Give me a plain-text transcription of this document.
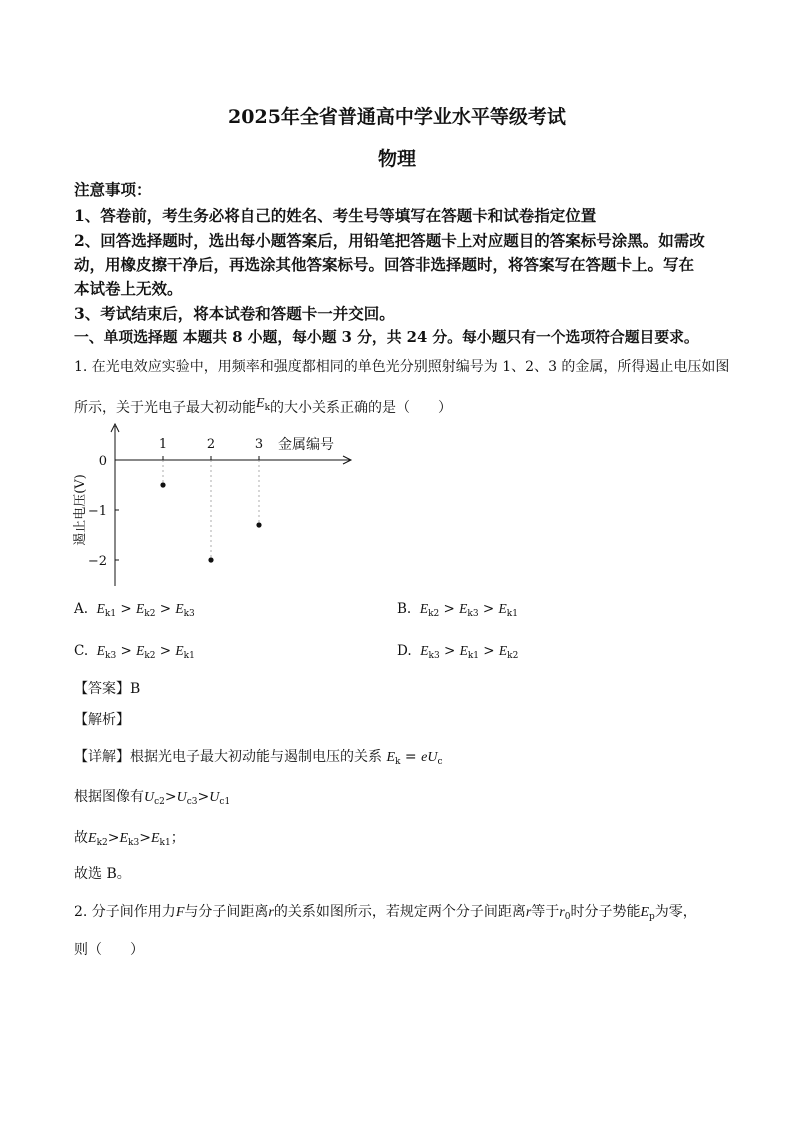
2025年全省普通高中学业水平等级考试
物理
注意事项：
1、答卷前，考生务必将自己的姓名、考生号等填写在答题卡和试卷指定位置
2、回答选择题时，选出每小题答案后，用铅笔把答题卡上对应题目的答案标号涂黑。如需改
动，用橡皮擦干净后，再选涂其他答案标号。回答非选择题时，将答案写在答题卡上。写在
本试卷上无效。
3、考试结束后，将本试卷和答题卡一并交回。
一、单项选择题 本题共 8 小题，每小题 3 分，共 24 分。每小题只有一个选项符合题目要求。
1. 在光电效应实验中，用频率和强度都相同的单色光分别照射编号为 1、2、3 的金属，所得遏止电压如图
所示，关于光电子最大初动能$E^k$的大小关系正确的是（　　）
1	2	3
0
−1
−2
金属编号
遏止电压(V)
A. $E_{k1} > E_{k2} > E_{k3}$	B. $E_{k2} > E_{k3} > E_{k1}$
C. $E_{k3} > E_{k2} > E_{k1}$	D. $E_{k3} > E_{k1} > E_{k2}$
【答案】B
【解析】
【详解】根据光电子最大初动能与遏制电压的关系 $E_k = eU_c$
根据图像有$U_{c2}>U_{c3}>U_{c1}$
故$E_{k2}>E_{k3}>E_{k1}$；
故选 B。
2. 分子间作用力F与分子间距离r的关系如图所示，若规定两个分子间距离r等于$r_0$时分子势能$E_p$为零，
则（　　）
